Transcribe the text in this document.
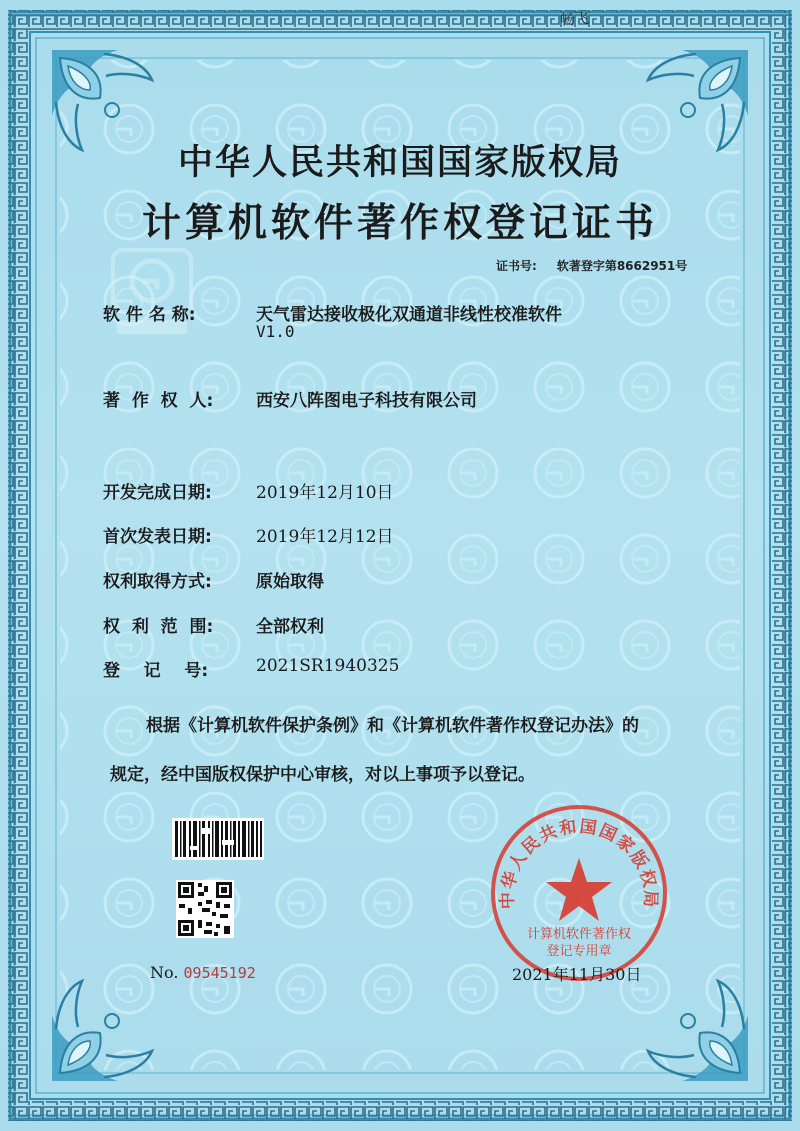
畅飞
中华人民共和国国家版权局
计算机软件著作权登记证书
证书号: 软著登字第8662951号
软 件 名 称:	天气雷达接收极化双通道非线性校准软件
V1.0
著  作  权  人:	西安八阵图电子科技有限公司
开发完成日期:	2019年12月10日
首次发表日期:	2019年12月12日
权利取得方式:	原始取得
权  利  范  围:	全部权利
登    记    号:	2021SR1940325
根据《计算机软件保护条例》和《计算机软件著作权登记办法》的
规定，经中国版权保护中心审核，对以上事项予以登记。
No. 09545192
中华人民共和国国家版权局
计算机软件著作权
登记专用章
2021年11月30日
